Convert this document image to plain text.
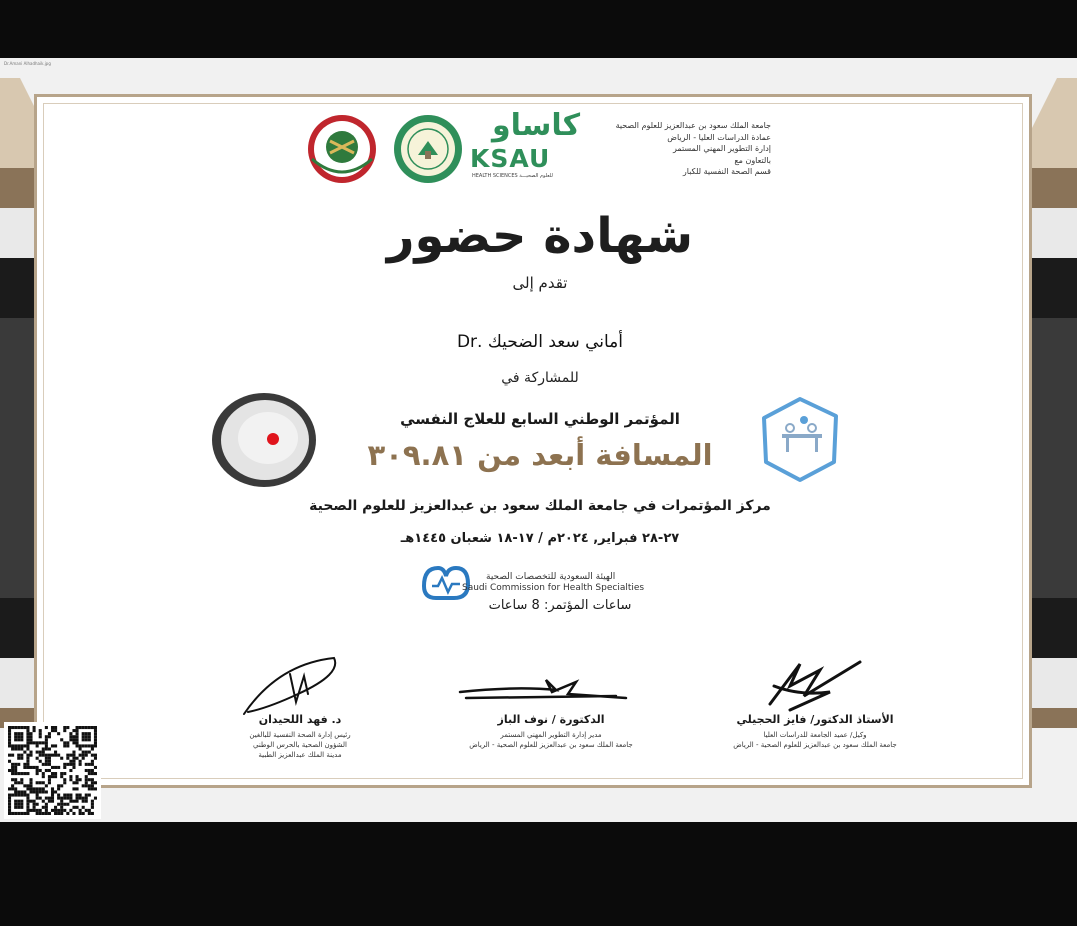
Dr.Amani Alhadhaik.jpg
جامعة الملك سعود بن عبدالعزيز للعلوم الصحية
عمادة الدراسات العليا - الرياض
إدارة التطوير المهني المستمر
بالتعاون مع
قسم الصحة النفسية للكبار
كاساو
KSAU
HEALTH SCIENCES للعلوم الصحيـــة
شهادة حضور
تقدم إلى
أماني سعد الضحيك .Dr
للمشاركة في
المؤتمر الوطني السابع للعلاج النفسي
المسافة أبعد من ٣٠٩.٨١
مركز المؤتمرات في جامعة الملك سعود بن عبدالعزيز للعلوم الصحية
٢٧-٢٨ فبراير, ٢٠٢٤م / ١٧-١٨ شعبان ١٤٤٥هـ
الهيئة السعودية للتخصصات الصحية
Saudi Commission for Health Specialties
ساعات المؤتمر: 8 ساعات
الأستاذ الدكتور/ فايز الحجيلي
وكيل/ عميد الجامعة للدراسات العليا
جامعة الملك سعود بن عبدالعزيز للعلوم الصحية - الرياض
الدكتورة / نوف الباز
مدير إدارة التطوير المهني المستمر
جامعة الملك سعود بن عبدالعزيز للعلوم الصحية - الرياض
د. فهد اللحيدان
رئيس إدارة الصحة النفسية للبالغين
الشؤون الصحية بالحرس الوطني
مدينة الملك عبدالعزيز الطبية
